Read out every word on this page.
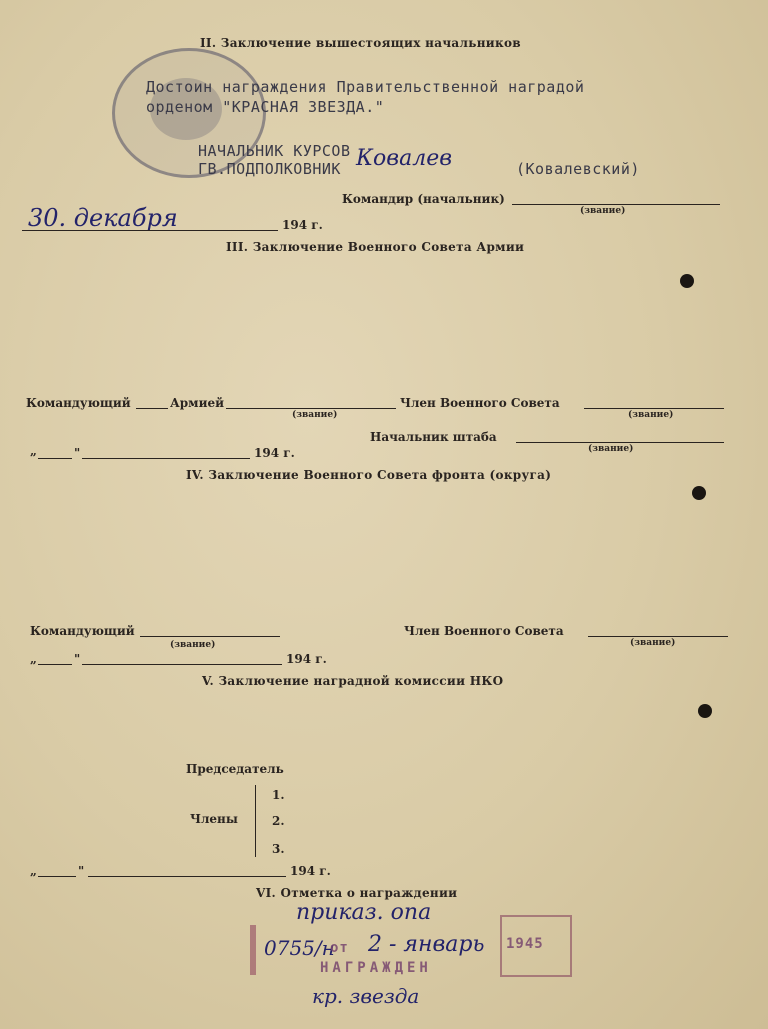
II. Заключение вышестоящих начальников
Достоин награждения Правительственной наградой
орденом "КРАСНАЯ ЗВЕЗДА."
НАЧАЛЬНИК КУРСОВ
ГВ.ПОДПОЛКОВНИК Ковалев	(Ковалевский)
Командир (начальник)
(звание)
30. декабря	194 г.
III. Заключение Военного Совета Армии
Командующий	Армией
(звание)
Член Военного Совета
(звание)
Начальник штаба
(звание)
„	"	194 г.
IV. Заключение Военного Совета фронта (округа)
Командующий
(звание)
Член Военного Совета
(звание)
„	"	194 г.
V. Заключение наградной комиссии НКО
Председатель
Члены
1.
2.
3.
„	"	194 г.
VI. Отметка о награждении
приказ. опа
0755/н
от 2 - январь 1945
НАГРАЖДЕН
кр. звезда
